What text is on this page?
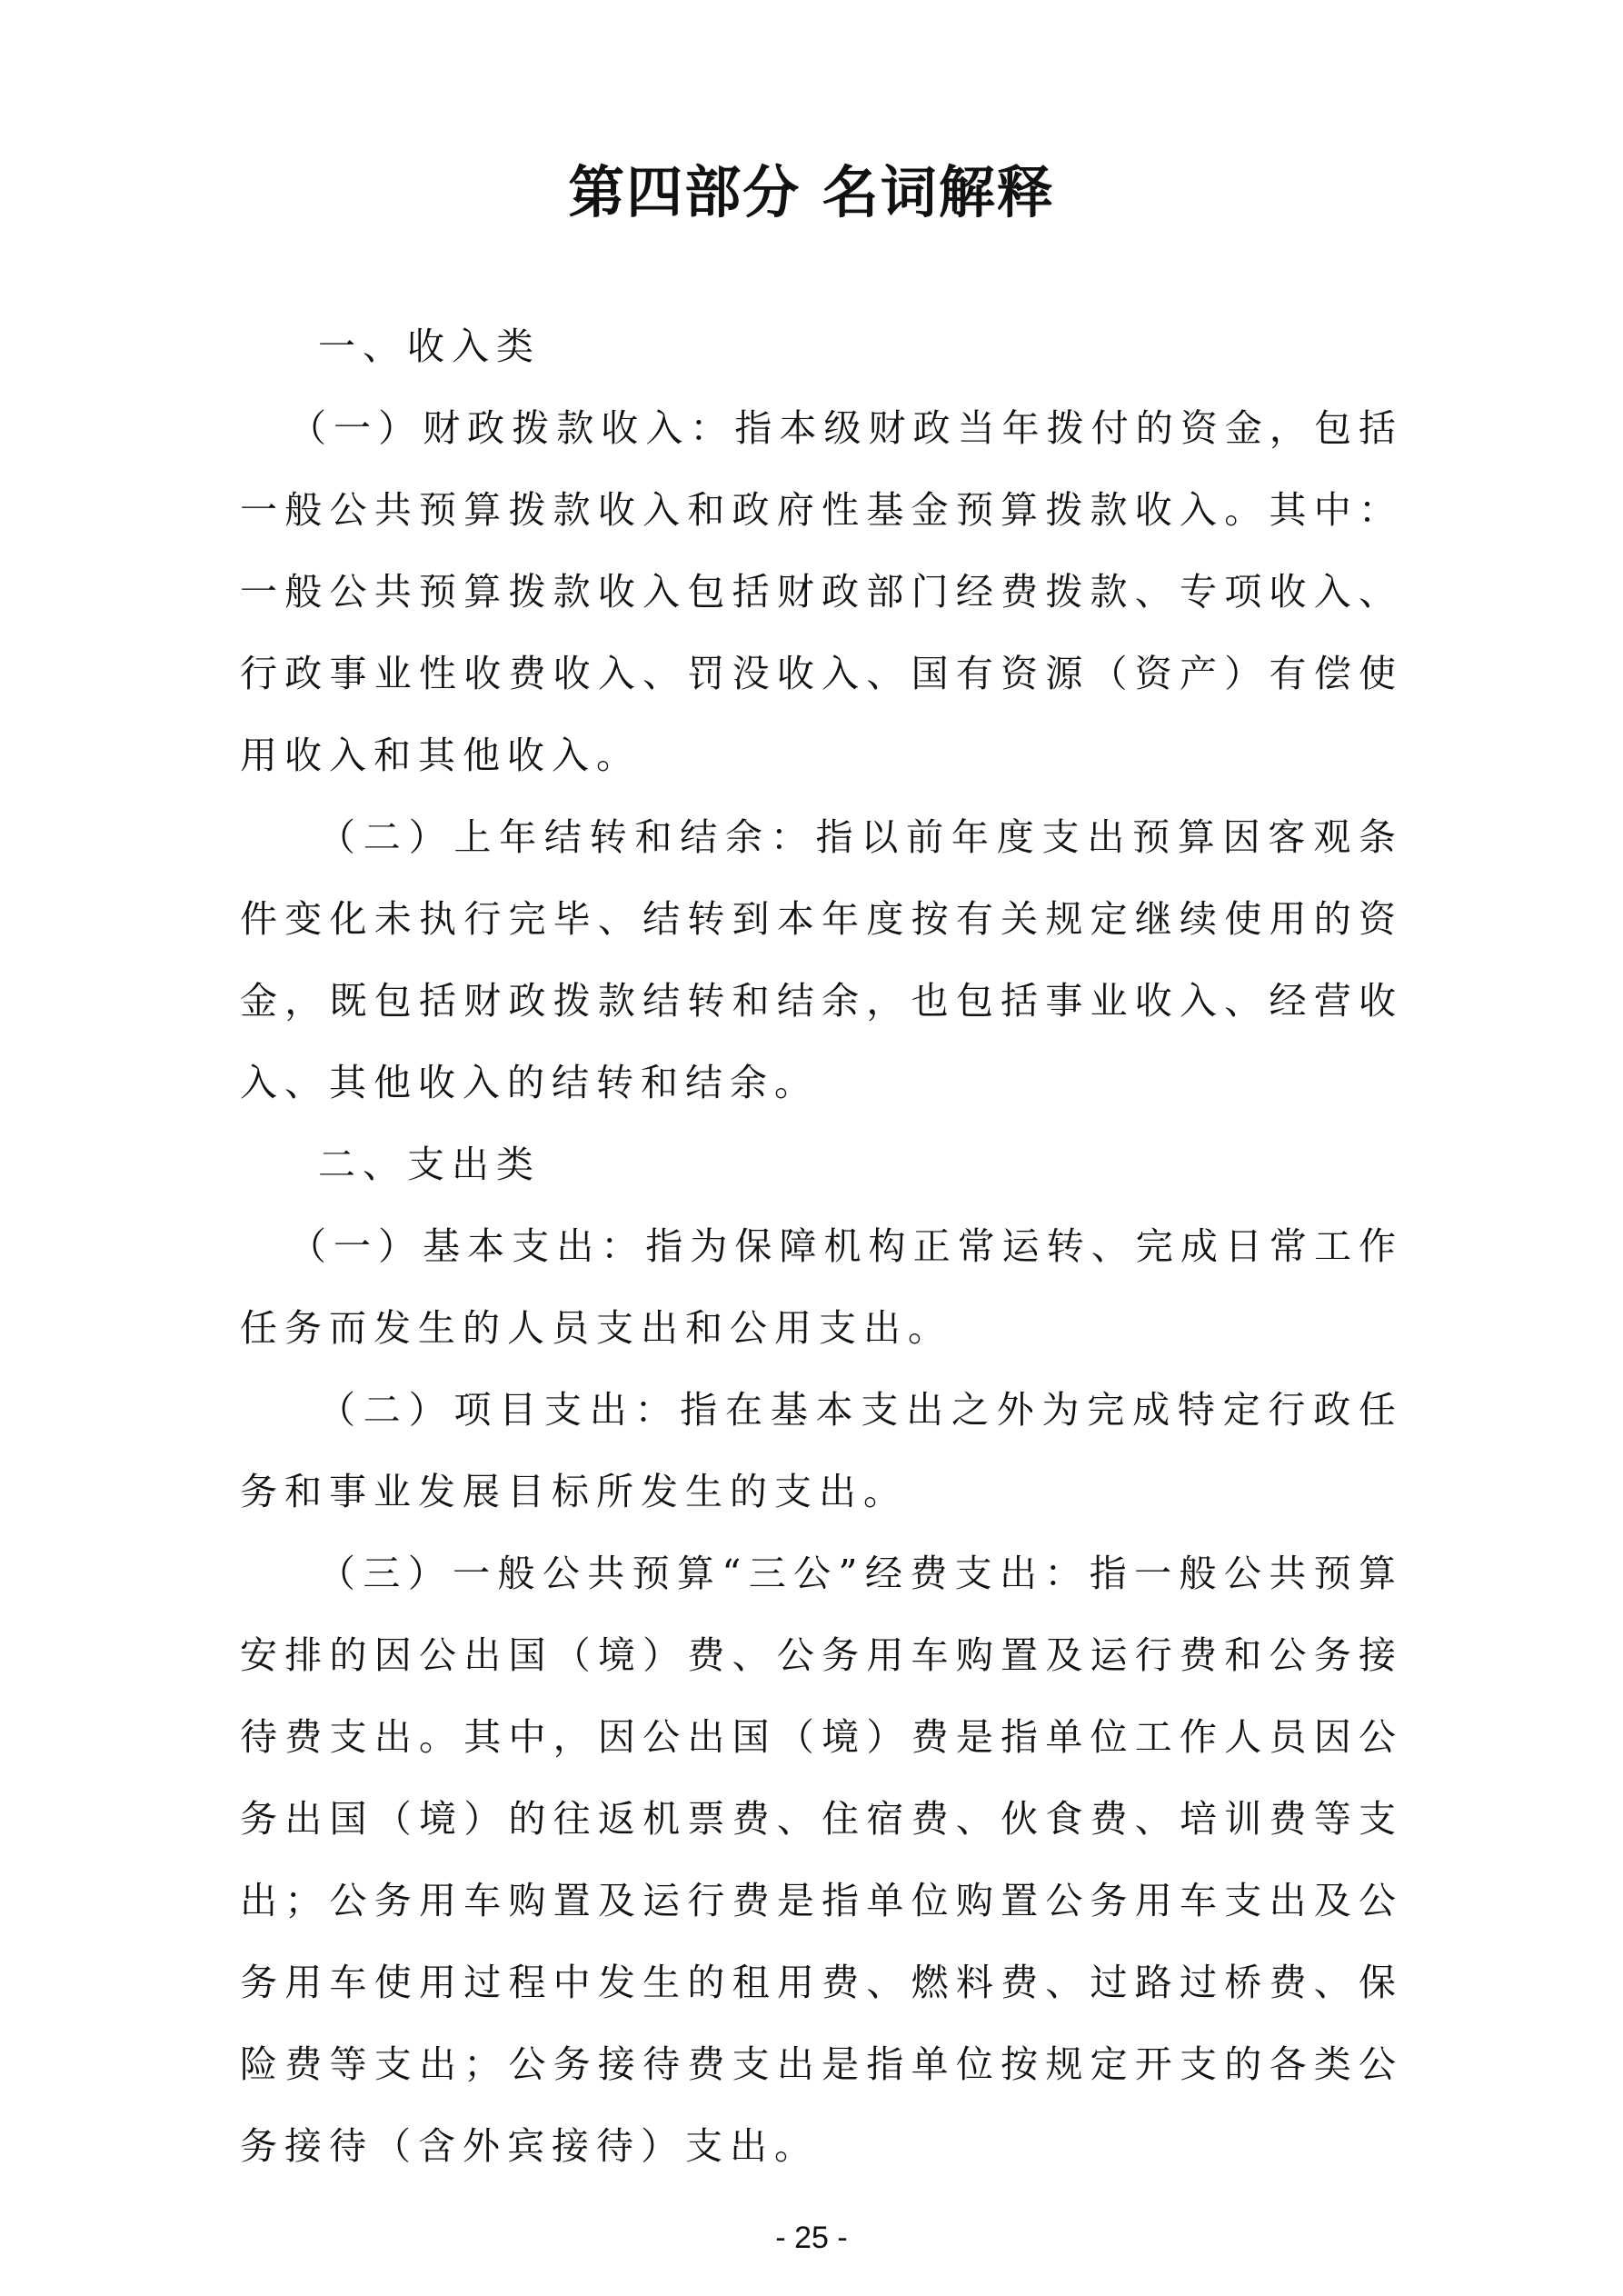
第四部分 名词解释

一、收入类

（一）财政拨款收入：指本级财政当年拨付的资金，包括一般公共预算拨款收入和政府性基金预算拨款收入。其中：一般公共预算拨款收入包括财政部门经费拨款、专项收入、行政事业性收费收入、罚没收入、国有资源（资产）有偿使用收入和其他收入。

（二）上年结转和结余：指以前年度支出预算因客观条件变化未执行完毕、结转到本年度按有关规定继续使用的资金，既包括财政拨款结转和结余，也包括事业收入、经营收入、其他收入的结转和结余。

二、支出类

（一）基本支出：指为保障机构正常运转、完成日常工作任务而发生的人员支出和公用支出。

（二）项目支出：指在基本支出之外为完成特定行政任务和事业发展目标所发生的支出。

（三）一般公共预算“三公”经费支出：指一般公共预算安排的因公出国（境）费、公务用车购置及运行费和公务接待费支出。其中，因公出国（境）费是指单位工作人员因公务出国（境）的往返机票费、住宿费、伙食费、培训费等支出；公务用车购置及运行费是指单位购置公务用车支出及公务用车使用过程中发生的租用费、燃料费、过路过桥费、保险费等支出；公务接待费支出是指单位按规定开支的各类公务接待（含外宾接待）支出。

- 25 -
